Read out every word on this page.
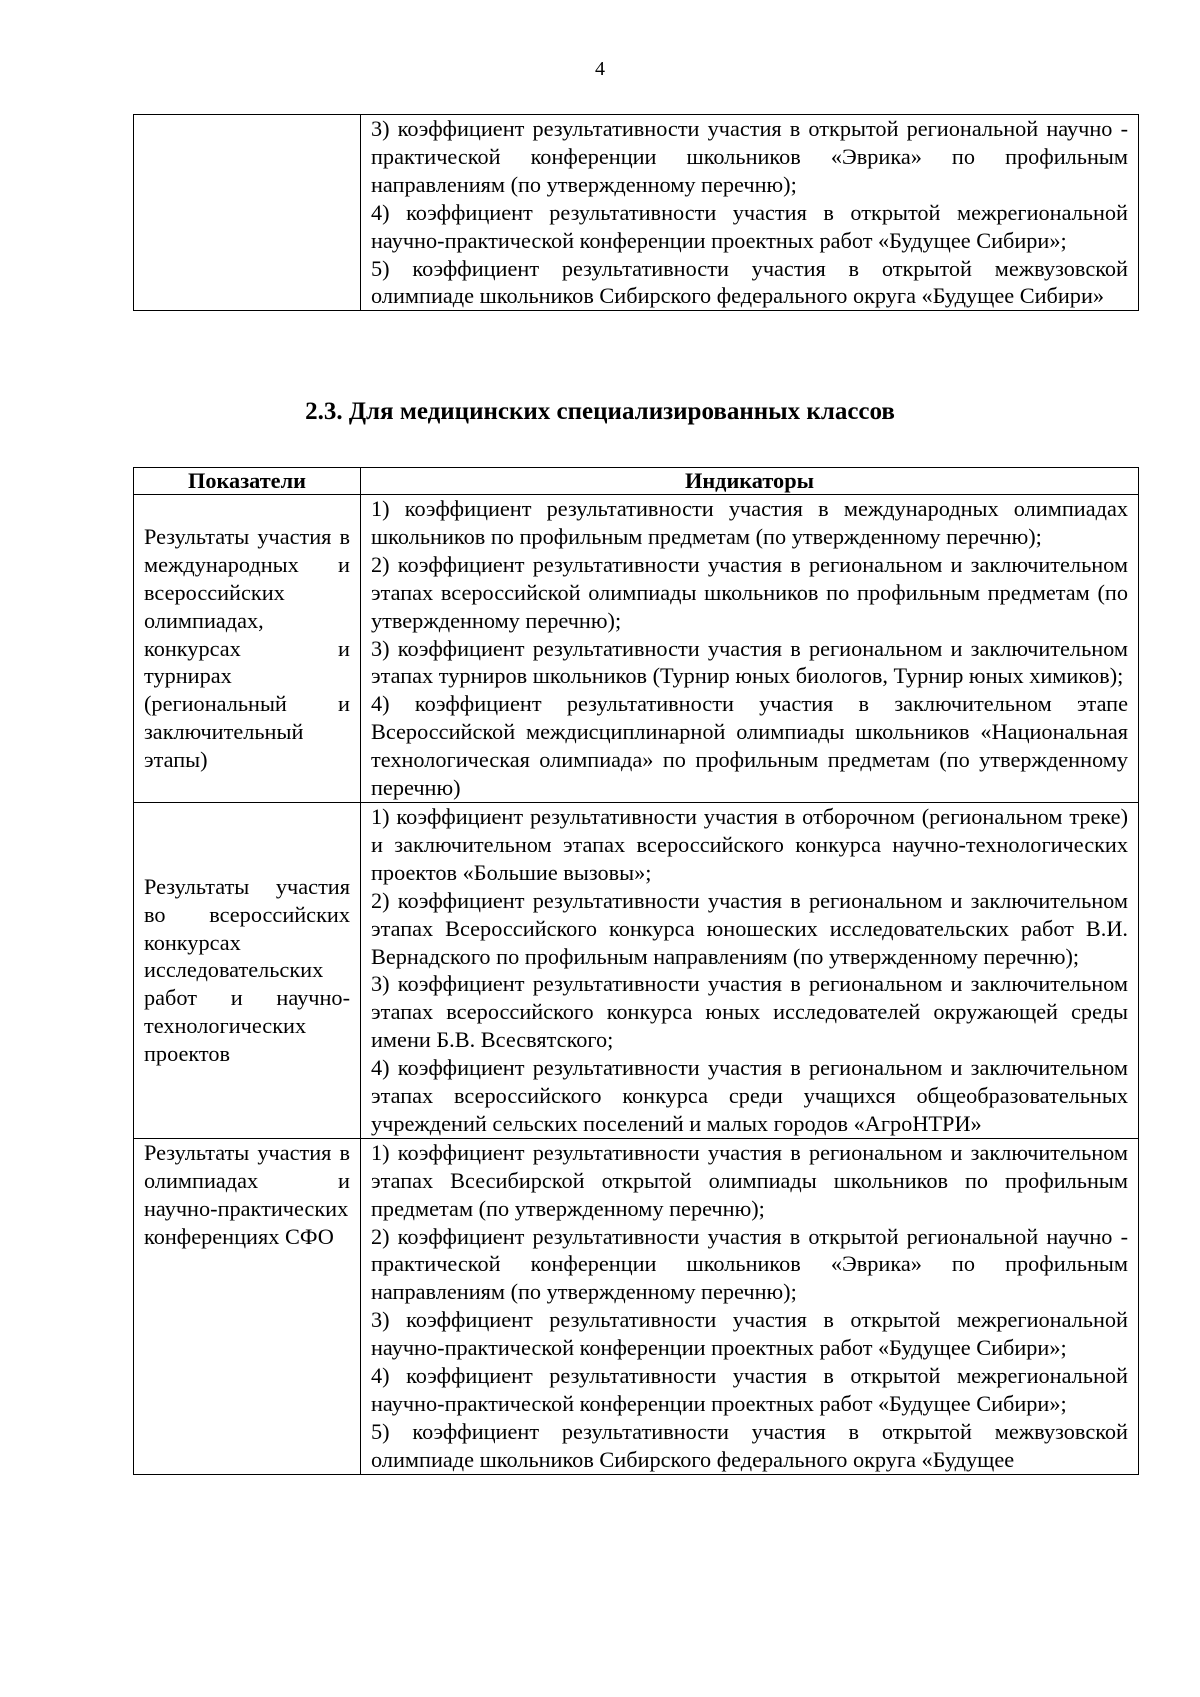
4

3) коэффициент результативности участия в открытой региональной научно - практической конференции школьников «Эврика» по профильным направлениям (по утвержденному перечню);
4) коэффициент результативности участия в открытой межрегиональной научно-практической конференции проектных работ «Будущее Сибири»;
5) коэффициент результативности участия в открытой межвузовской олимпиаде школьников Сибирского федерального округа «Будущее Сибири»
2.3. Для медицинских специализированных классов
Показатели	Индикаторы
Результаты участия в международных и всероссийских олимпиадах, конкурсах и турнирах (региональный и заключительный этапы)	1) коэффициент результативности участия в международных олимпиадах школьников по профильным предметам (по утвержденному перечню);
2) коэффициент результативности участия в региональном и заключительном этапах всероссийской олимпиады школьников по профильным предметам (по утвержденному перечню);
3) коэффициент результативности участия в региональном и заключительном этапах турниров школьников (Турнир юных биологов, Турнир юных химиков);
4) коэффициент результативности участия в заключительном этапе Всероссийской междисциплинарной олимпиады школьников «Национальная технологическая олимпиада» по профильным предметам (по утвержденному перечню)

Результаты участия во всероссийских конкурсах исследовательских работ и научно-технологических проектов	1) коэффициент результативности участия в отборочном (региональном треке) и заключительном этапах всероссийского конкурса научно-технологических проектов «Большие вызовы»;
2) коэффициент результативности участия в региональном и заключительном этапах Всероссийского конкурса юношеских исследовательских работ В.И. Вернадского по профильным направлениям (по утвержденному перечню);
3) коэффициент результативности участия в региональном и заключительном этапах всероссийского конкурса юных исследователей окружающей среды имени Б.В. Всесвятского;
4) коэффициент результативности участия в региональном и заключительном этапах всероссийского конкурса среди учащихся общеобразовательных учреждений сельских поселений и малых городов «АгроНТРИ»

Результаты участия в олимпиадах и научно-практических конференциях СФО	1) коэффициент результативности участия в региональном и заключительном этапах Всесибирской открытой олимпиады школьников по профильным предметам (по утвержденному перечню);
2) коэффициент результативности участия в открытой региональной научно - практической конференции школьников «Эврика» по профильным направлениям (по утвержденному перечню);
3) коэффициент результативности участия в открытой межрегиональной научно-практической конференции проектных работ «Будущее Сибири»;
4) коэффициент результативности участия в открытой межрегиональной научно-практической конференции проектных работ «Будущее Сибири»;
5) коэффициент результативности участия в открытой межвузовской олимпиаде школьников Сибирского федерального округа «Будущее
